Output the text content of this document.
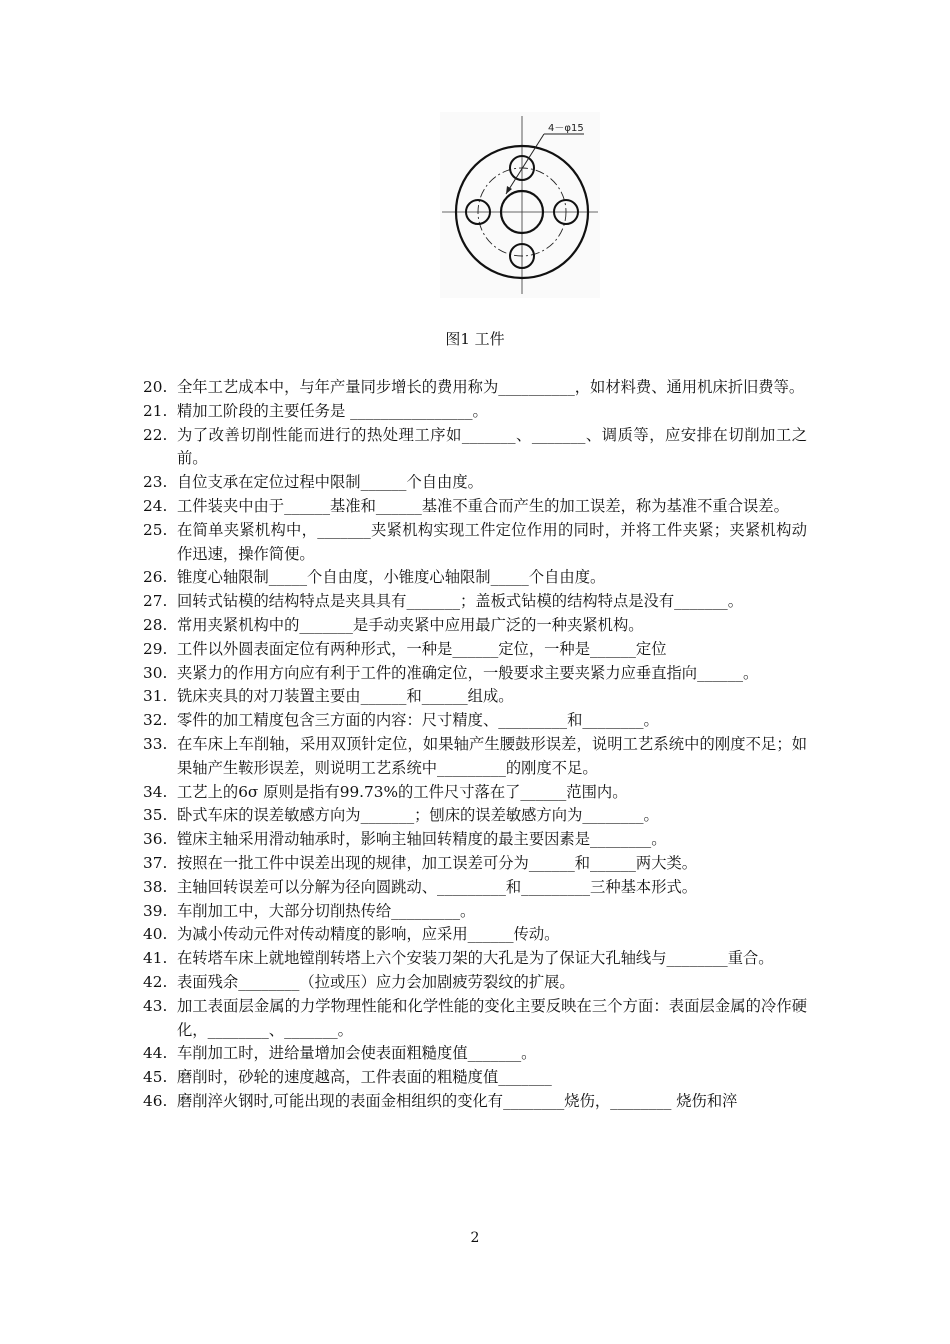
4－φ15
图1 工件
20. 全年工艺成本中，与年产量同步增长的费用称为__________，如材料费、通用机床折旧费等。
21. 精加工阶段的主要任务是 ________________。
22. 为了改善切削性能而进行的热处理工序如_______、_______、调质等，应安排在切削加工之前。
23. 自位支承在定位过程中限制______个自由度。
24. 工件装夹中由于______基准和______基准不重合而产生的加工误差，称为基准不重合误差。
25. 在简单夹紧机构中，_______夹紧机构实现工件定位作用的同时，并将工件夹紧；夹紧机构动作迅速，操作简便。
26. 锥度心轴限制_____个自由度，小锥度心轴限制_____个自由度。
27. 回转式钻模的结构特点是夹具具有_______；盖板式钻模的结构特点是没有_______。
28. 常用夹紧机构中的_______是手动夹紧中应用最广泛的一种夹紧机构。
29. 工件以外圆表面定位有两种形式，一种是______定位，一种是______定位
30. 夹紧力的作用方向应有利于工件的准确定位，一般要求主要夹紧力应垂直指向______。
31. 铣床夹具的对刀装置主要由______和______组成。
32. 零件的加工精度包含三方面的内容：尺寸精度、_________和________。
33. 在车床上车削轴，采用双顶针定位，如果轴产生腰鼓形误差，说明工艺系统中的刚度不足；如果轴产生鞍形误差，则说明工艺系统中_________的刚度不足。
34. 工艺上的6σ 原则是指有99.73%的工件尺寸落在了______范围内。
35. 卧式车床的误差敏感方向为_______；刨床的误差敏感方向为________。
36. 镗床主轴采用滑动轴承时，影响主轴回转精度的最主要因素是________。
37. 按照在一批工件中误差出现的规律，加工误差可分为______和______两大类。
38. 主轴回转误差可以分解为径向圆跳动、_________和_________三种基本形式。
39. 车削加工中，大部分切削热传给_________。
40. 为减小传动元件对传动精度的影响，应采用______传动。
41. 在转塔车床上就地镗削转塔上六个安装刀架的大孔是为了保证大孔轴线与________重合。
42. 表面残余________（拉或压）应力会加剧疲劳裂纹的扩展。
43. 加工表面层金属的力学物理性能和化学性能的变化主要反映在三个方面：表面层金属的冷作硬化，________、_______。
44. 车削加工时，进给量增加会使表面粗糙度值_______。
45. 磨削时，砂轮的速度越高，工件表面的粗糙度值_______
46. 磨削淬火钢时,可能出现的表面金相组织的变化有________烧伤，________ 烧伤和淬
2
